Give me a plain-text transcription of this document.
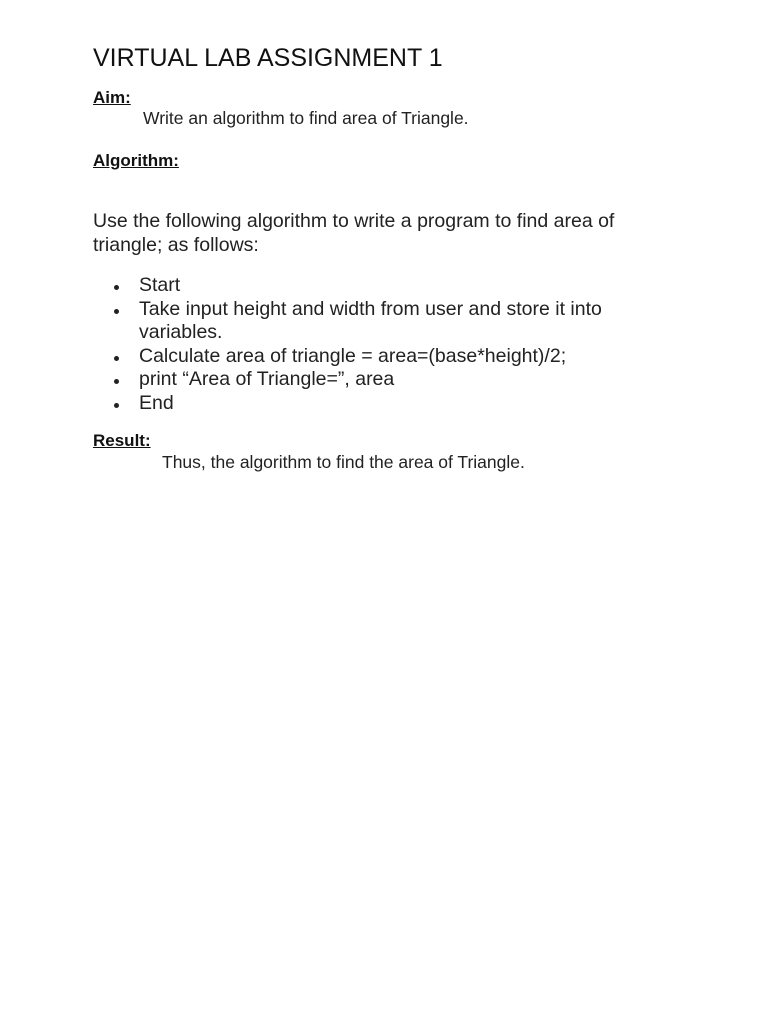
VIRTUAL LAB ASSIGNMENT 1
Aim:

Write an algorithm to find area of Triangle.

Algorithm:

Use the following algorithm to write a program to find area of triangle; as follows:

Start
Take input height and width from user and store it into variables.
Calculate area of triangle = area=(base*height)/2;
print “Area of Triangle=”, area
End
Result:

Thus, the algorithm to find the area of Triangle.
